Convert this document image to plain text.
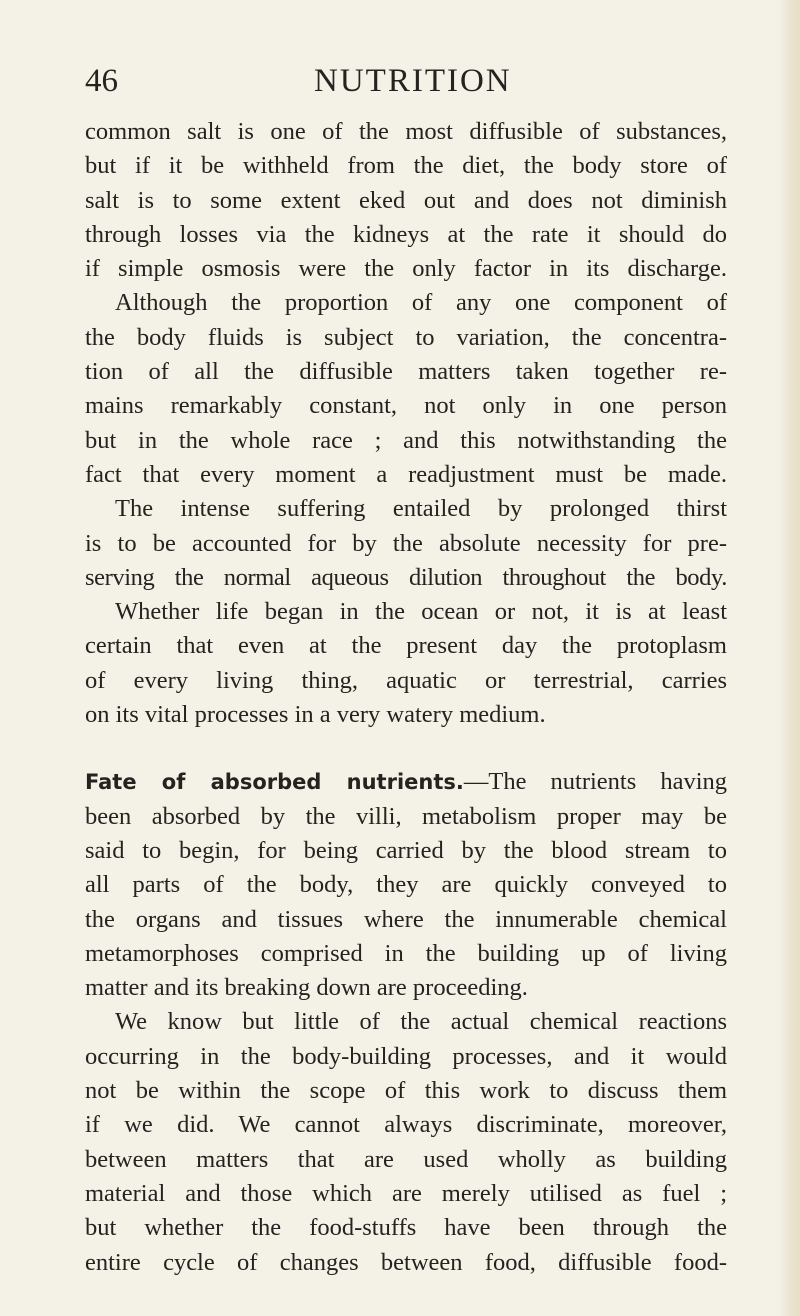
46	NUTRITION
common salt is one of the most diffusible of substances,
but if it be withheld from the diet, the body store of
salt is to some extent eked out and does not diminish
through losses via the kidneys at the rate it should do
if simple osmosis were the only factor in its discharge.
Although the proportion of any one component of
the body fluids is subject to variation, the concentra-
tion of all the diffusible matters taken together re-
mains remarkably constant, not only in one person
but in the whole race ; and this notwithstanding the
fact that every moment a readjustment must be made.
The intense suffering entailed by prolonged thirst
is to be accounted for by the absolute necessity for pre-
serving the normal aqueous dilution throughout the body.
Whether life began in the ocean or not, it is at least
certain that even at the present day the protoplasm
of every living thing, aquatic or terrestrial, carries
on its vital processes in a very watery medium.
Fate of absorbed nutrients.—The nutrients having
been absorbed by the villi, metabolism proper may be
said to begin, for being carried by the blood stream to
all parts of the body, they are quickly conveyed to
the organs and tissues where the innumerable chemical
metamorphoses comprised in the building up of living
matter and its breaking down are proceeding.
We know but little of the actual chemical reactions
occurring in the body-building processes, and it would
not be within the scope of this work to discuss them
if we did. We cannot always discriminate, moreover,
between matters that are used wholly as building
material and those which are merely utilised as fuel ;
but whether the food-stuffs have been through the
entire cycle of changes between food, diffusible food-
